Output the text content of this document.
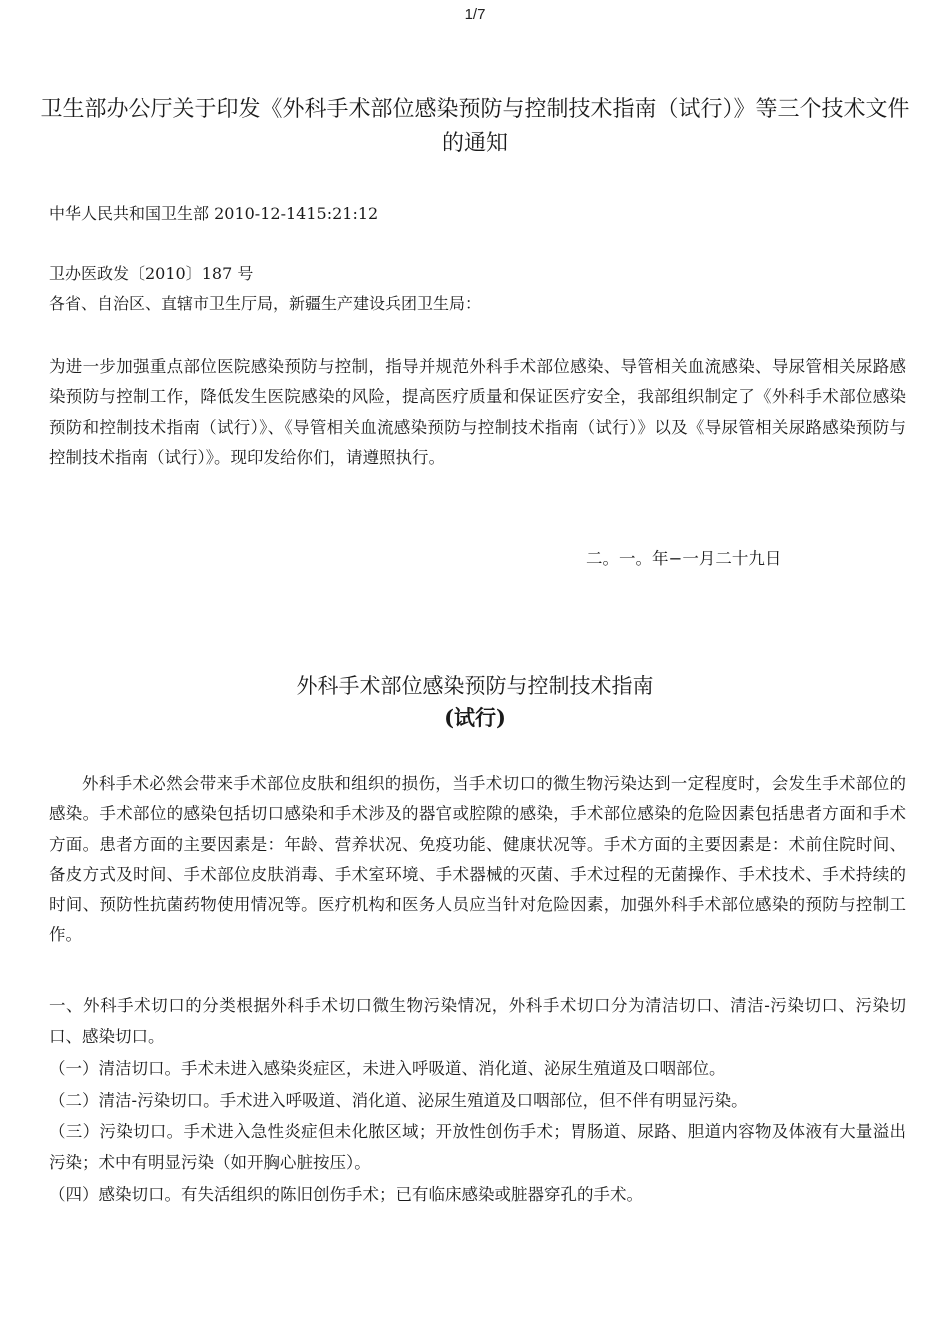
1/7
卫生部办公厅关于印发《外科手术部位感染预防与控制技术指南（试行）》等三个技术文件的通知
中华人民共和国卫生部 2010-12-1415:21:12
卫办医政发〔2010〕187 号
各省、自治区、直辖市卫生厅局，新疆生产建设兵团卫生局：
为进一步加强重点部位医院感染预防与控制，指导并规范外科手术部位感染、导管相关血流感染、导尿管相关尿路感染预防与控制工作，降低发生医院感染的风险，提高医疗质量和保证医疗安全，我部组织制定了《外科手术部位感染预防和控制技术指南（试行）》、《导管相关血流感染预防与控制技术指南（试行）》以及《导尿管相关尿路感染预防与控制技术指南（试行）》。现印发给你们，请遵照执行。
二。一。年−一月二十九日
外科手术部位感染预防与控制技术指南
(试行)
外科手术必然会带来手术部位皮肤和组织的损伤，当手术切口的微生物污染达到一定程度时，会发生手术部位的感染。手术部位的感染包括切口感染和手术涉及的器官或腔隙的感染，手术部位感染的危险因素包括患者方面和手术方面。患者方面的主要因素是：年龄、营养状况、免疫功能、健康状况等。手术方面的主要因素是：术前住院时间、备皮方式及时间、手术部位皮肤消毒、手术室环境、手术器械的灭菌、手术过程的无菌操作、手术技术、手术持续的时间、预防性抗菌药物使用情况等。医疗机构和医务人员应当针对危险因素，加强外科手术部位感染的预防与控制工作。
一、外科手术切口的分类根据外科手术切口微生物污染情况，外科手术切口分为清洁切口、清洁-污染切口、污染切口、感染切口。
（一）清洁切口。手术未进入感染炎症区，未进入呼吸道、消化道、泌尿生殖道及口咽部位。
（二）清洁-污染切口。手术进入呼吸道、消化道、泌尿生殖道及口咽部位，但不伴有明显污染。
（三）污染切口。手术进入急性炎症但未化脓区域；开放性创伤手术；胃肠道、尿路、胆道内容物及体液有大量溢出污染；术中有明显污染（如开胸心脏按压）。
（四）感染切口。有失活组织的陈旧创伤手术；已有临床感染或脏器穿孔的手术。
